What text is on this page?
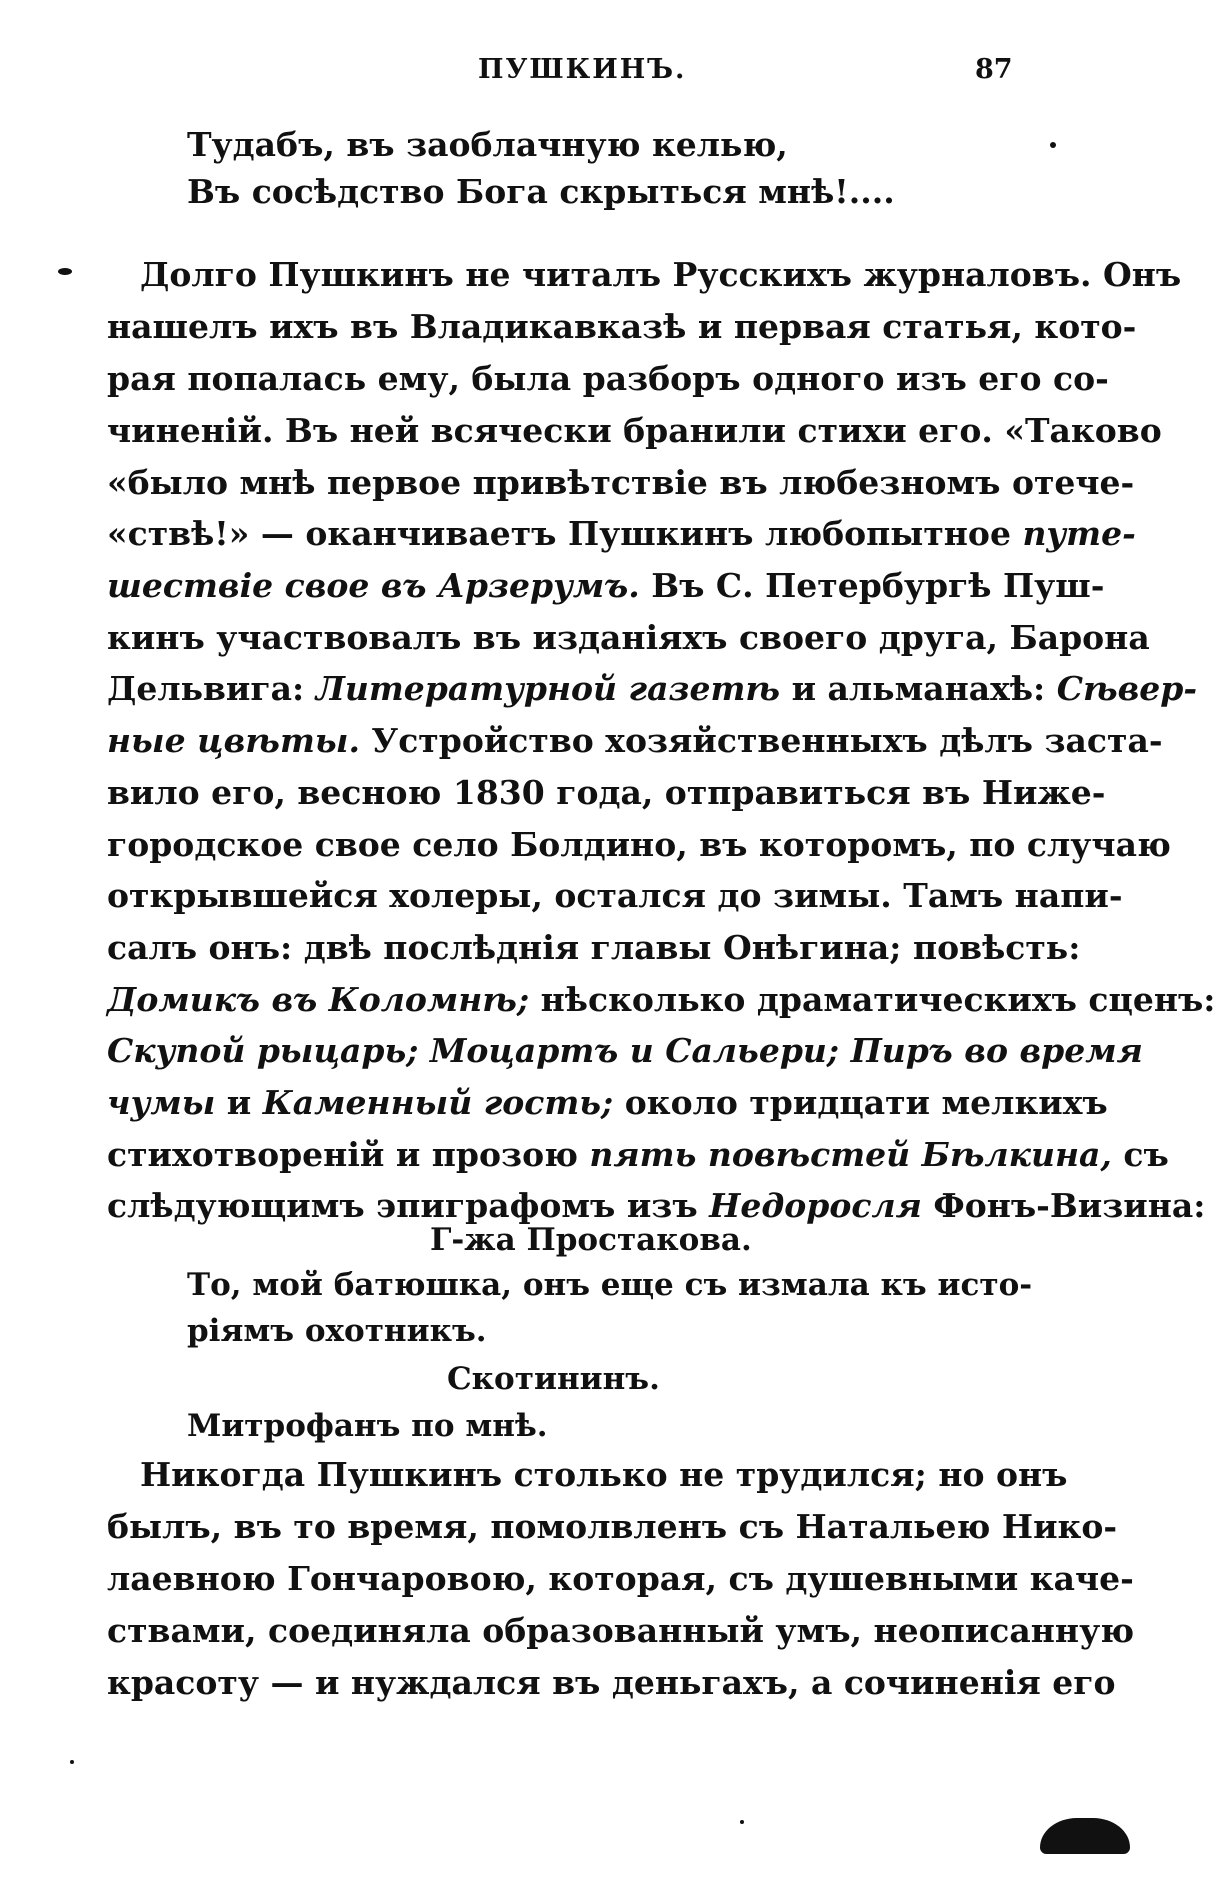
ПУШКИНЪ.	87
Тудабъ, въ заоблачную келью,
Въ сосѣдство Бога скрыться мнѣ!....
Долго Пушкинъ не читалъ Русскихъ журналовъ. Онъ
нашелъ ихъ въ Владикавказѣ и первая статья, кото-
рая попалась ему, была разборъ одного изъ его со-
чиненій. Въ ней всячески бранили стихи его. «Таково
«было мнѣ первое привѣтствіе въ любезномъ отече-
«ствѣ!» — оканчиваетъ Пушкинъ любопытное путе-
шествіе свое въ Арзерумъ. Въ С. Петербургѣ Пуш-
кинъ участвовалъ въ изданіяхъ своего друга, Барона
Дельвига: Литературной газетѣ и альманахѣ: Сѣвер-
ные цвѣты. Устройство хозяйственныхъ дѣлъ заста-
вило его, весною 1830 года, отправиться въ Ниже-
городское свое село Болдино, въ которомъ, по случаю
открывшейся холеры, остался до зимы. Тамъ напи-
салъ онъ: двѣ послѣднія главы Онѣгина; повѣсть:
Домикъ въ Коломнѣ; нѣсколько драматическихъ сценъ:
Скупой рыцарь; Моцартъ и Сальери; Пиръ во время
чумы и Каменный гость; около тридцати мелкихъ
стихотвореній и прозою пять повѣстей Бѣлкина, съ
слѣдующимъ эпиграфомъ изъ Недоросля Фонъ-Визина:
Г-жа Простакова.
То, мой батюшка, онъ еще съ измала къ исто-
ріямъ охотникъ.
Скотининъ.
Митрофанъ по мнѣ.
Никогда Пушкинъ столько не трудился; но онъ
былъ, въ то время, помолвленъ съ Натальею Нико-
лаевною Гончаровою, которая, съ душевными каче-
ствами, соединяла образованный умъ, неописанную
красоту — и нуждался въ деньгахъ, а сочиненія его
